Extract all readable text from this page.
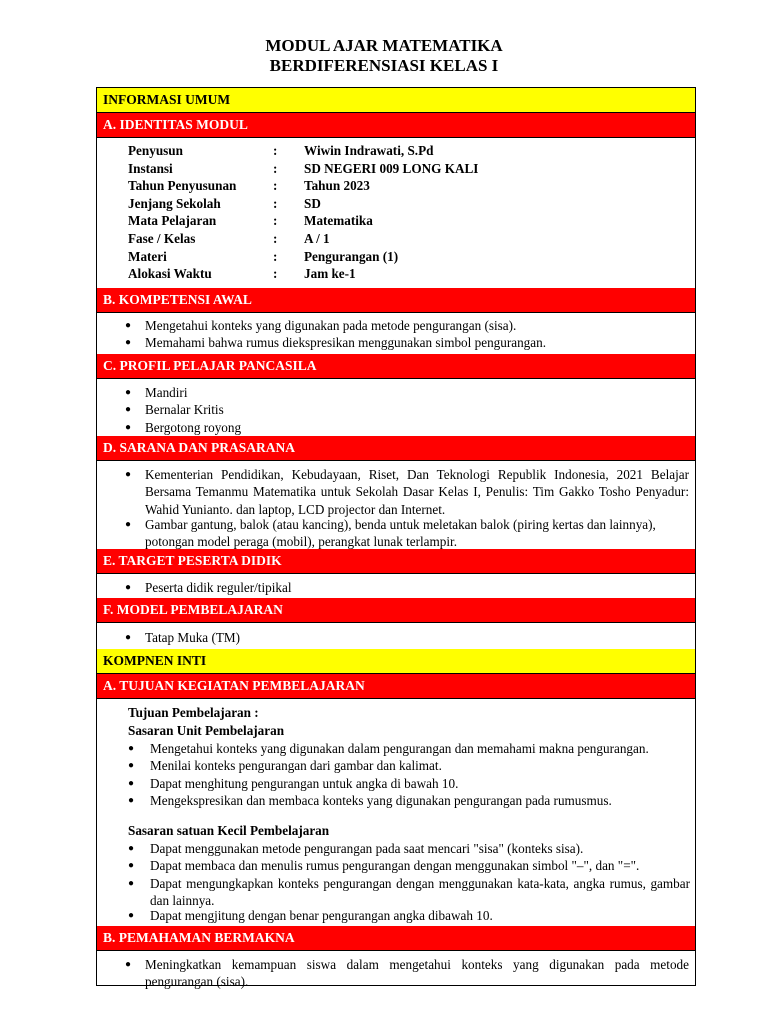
MODUL AJAR MATEMATIKA
BERDIFERENSIASI KELAS I
INFORMASI UMUM
A. IDENTITAS MODUL
Penyusun	:	Wiwin Indrawati, S.Pd
Instansi	:	SD NEGERI 009 LONG KALI
Tahun Penyusunan	:	Tahun 2023
Jenjang Sekolah	:	SD
Mata Pelajaran	:	Matematika
Fase / Kelas	:	A / 1
Materi	:	Pengurangan (1)
Alokasi Waktu	:	Jam ke-1
B. KOMPETENSI AWAL
● Mengetahui konteks yang digunakan pada metode pengurangan (sisa).
● Memahami bahwa rumus diekspresikan menggunakan simbol pengurangan.
C. PROFIL PELAJAR PANCASILA
● Mandiri
● Bernalar Kritis
● Bergotong royong
D. SARANA DAN PRASARANA
● Kementerian Pendidikan, Kebudayaan, Riset, Dan Teknologi Republik Indonesia, 2021 Belajar Bersama Temanmu Matematika untuk Sekolah Dasar Kelas I, Penulis: Tim Gakko Tosho Penyadur: Wahid Yunianto. dan laptop, LCD projector dan Internet.
● Gambar gantung, balok (atau kancing), benda untuk meletakan balok (piring kertas dan lainnya), potongan model peraga (mobil), perangkat lunak terlampir.
E. TARGET PESERTA DIDIK
● Peserta didik reguler/tipikal
F. MODEL PEMBELAJARAN
● Tatap Muka (TM)
KOMPNEN INTI
A. TUJUAN KEGIATAN PEMBELAJARAN
Tujuan Pembelajaran :
Sasaran Unit Pembelajaran
● Mengetahui konteks yang digunakan dalam pengurangan dan memahami makna pengurangan.
● Menilai konteks pengurangan dari gambar dan kalimat.
● Dapat menghitung pengurangan untuk angka di bawah 10.
● Mengekspresikan dan membaca konteks yang digunakan pengurangan pada rumusmus.
Sasaran satuan Kecil Pembelajaran
● Dapat menggunakan metode pengurangan pada saat mencari "sisa" (konteks sisa).
● Dapat membaca dan menulis rumus pengurangan dengan menggunakan simbol "–", dan "=".
● Dapat mengungkapkan konteks pengurangan dengan menggunakan kata-kata, angka rumus, gambar dan lainnya.
● Dapat mengjitung dengan benar pengurangan angka dibawah 10.
B. PEMAHAMAN BERMAKNA
● Meningkatkan kemampuan siswa dalam mengetahui konteks yang digunakan pada metode pengurangan (sisa).
